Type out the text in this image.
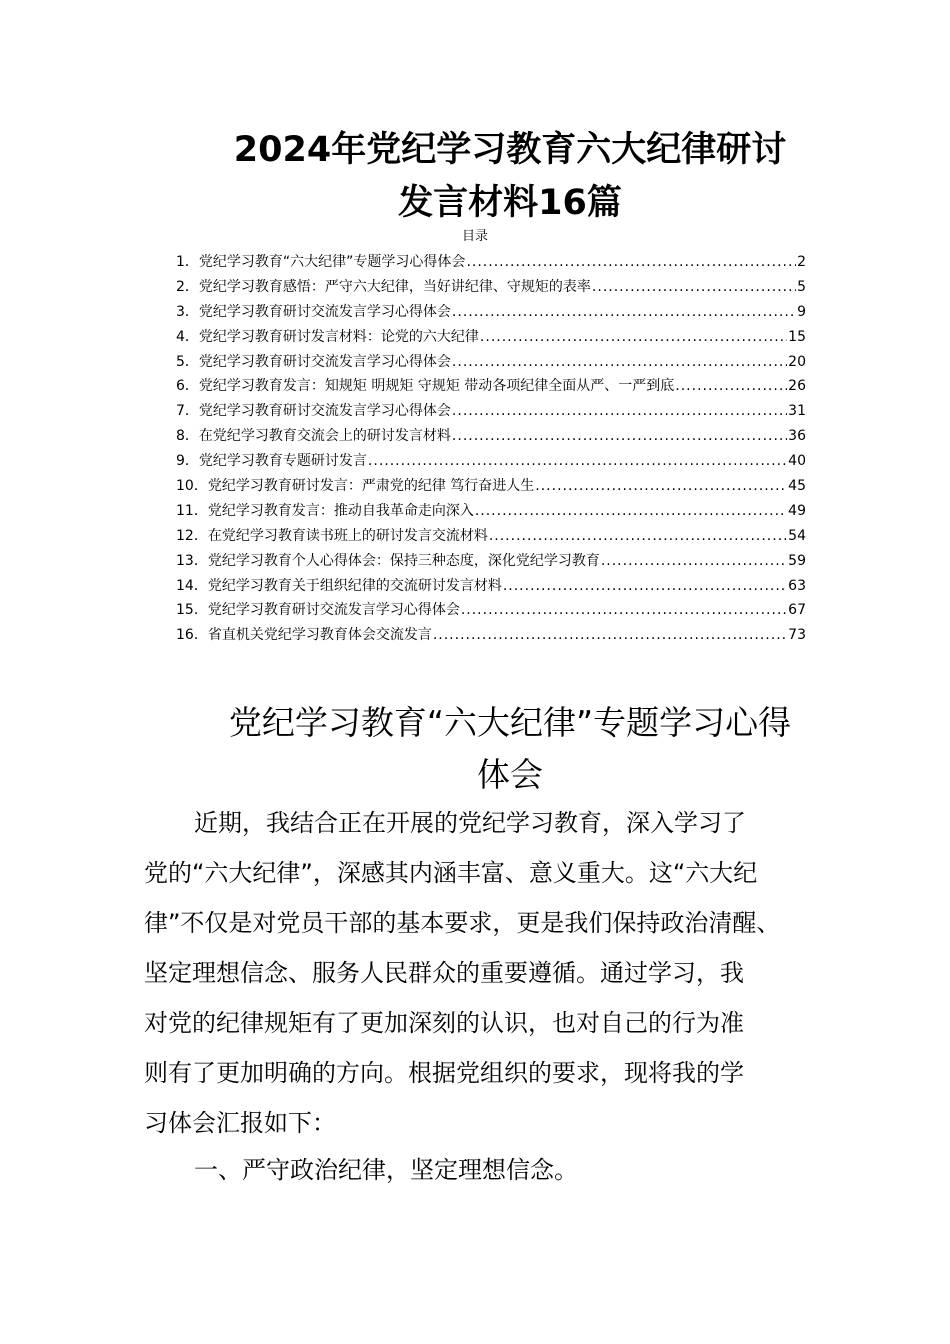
2024年党纪学习教育六大纪律研讨
发言材料16篇

目录

1． 党纪学习教育“六大纪律”专题学习心得体会 .....	2
2． 党纪学习教育感悟：严守六大纪律，当好讲纪律、守规矩的表率 .....	5
3． 党纪学习教育研讨交流发言学习心得体会 .....	9
4． 党纪学习教育研讨发言材料：论党的六大纪律 .....	15
5． 党纪学习教育研讨交流发言学习心得体会 .....	20
6． 党纪学习教育发言：知规矩 明规矩 守规矩 带动各项纪律全面从严、一严到底 .....	26
7． 党纪学习教育研讨交流发言学习心得体会 .....	31
8． 在党纪学习教育交流会上的研讨发言材料 .....	36
9． 党纪学习教育专题研讨发言 .....	40
10． 党纪学习教育研讨发言：严肃党的纪律 笃行奋进人生 .....	45
11． 党纪学习教育发言：推动自我革命走向深入 .....	49
12． 在党纪学习教育读书班上的研讨发言交流材料 .....	54
13． 党纪学习教育个人心得体会：保持三种态度，深化党纪学习教育 .....	59
14． 党纪学习教育关于组织纪律的交流研讨发言材料 .....	63
15． 党纪学习教育研讨交流发言学习心得体会 .....	67
16． 省直机关党纪学习教育体会交流发言 .....	73
党纪学习教育“六大纪律”专题学习心得
体会
近期，我结合正在开展的党纪学习教育，深入学习了
党的“六大纪律”，深感其内涵丰富、意义重大。这“六大纪
律”不仅是对党员干部的基本要求，更是我们保持政治清醒、
坚定理想信念、服务人民群众的重要遵循。通过学习，我
对党的纪律规矩有了更加深刻的认识，也对自己的行为准
则有了更加明确的方向。根据党组织的要求，现将我的学
习体会汇报如下：
一、严守政治纪律，坚定理想信念。
